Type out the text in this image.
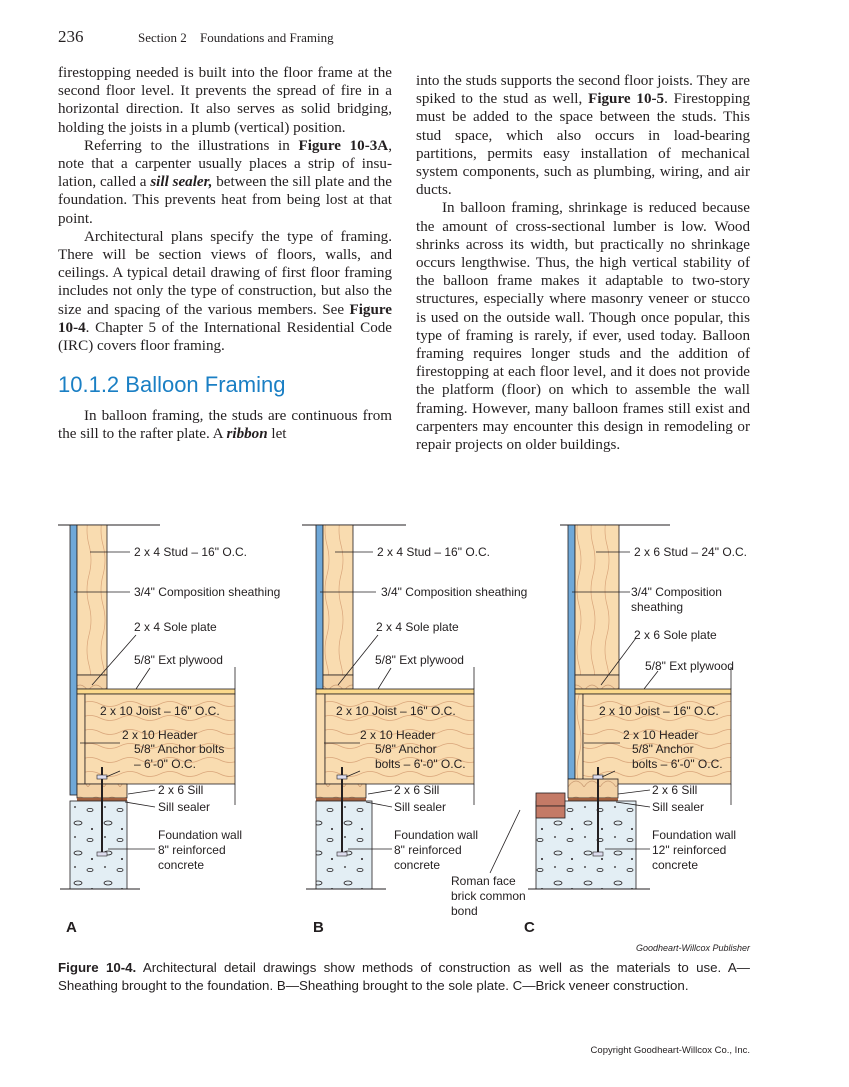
236	Section 2 Foundations and Framing

firestopping needed is built into the floor frame at the second floor level. It prevents the spread of fire in a horizontal direction. It also serves as solid bridging, holding the joists in a plumb (vertical) position.

Referring to the illustrations in Figure 10-3A, note that a carpenter usually places a strip of insulation, called a sill sealer, between the sill plate and the foundation. This prevents heat from being lost at that point.

Architectural plans specify the type of framing. There will be section views of floors, walls, and ceilings. A typical detail drawing of first floor framing includes not only the type of construction, but also the size and spacing of the various members. See Figure 10-4. Chapter 5 of the International Residential Code (IRC) covers floor framing.

10.1.2 Balloon Framing

In balloon framing, the studs are continuous from the sill to the rafter plate. A ribbon let

into the studs supports the second floor joists. They are spiked to the stud as well, Figure 10-5. Firestopping must be added to the space between the studs. This stud space, which also occurs in load-bearing partitions, permits easy installation of mechanical system components, such as plumbing, wiring, and air ducts.

In balloon framing, shrinkage is reduced because the amount of cross-sectional lumber is low. Wood shrinks across its width, but practically no shrinkage occurs lengthwise. Thus, the high vertical stability of the balloon frame makes it adaptable to two-story structures, especially where masonry veneer or stucco is used on the outside wall. Though once popular, this type of framing is rarely, if ever, used today. Balloon framing requires longer studs and the addition of firestopping at each floor level, and it does not provide the platform (floor) on which to assemble the wall framing. However, many balloon frames still exist and carpenters may encounter this design in remodeling or repair projects on older buildings.

2 x 4 Stud – 16" O.C.
3/4" Composition sheathing
2 x 4 Sole plate
5/8" Ext plywood
2 x 10 Joist – 16" O.C.
2 x 10 Header
5/8" Anchor bolts
– 6'-0" O.C.
2 x 6 Sill
Sill sealer
Foundation wall
8" reinforced
concrete
A
2 x 4 Stud – 16" O.C.
3/4" Composition sheathing
2 x 4 Sole plate
5/8" Ext plywood
2 x 10 Joist – 16" O.C.
2 x 10 Header
5/8" Anchor
bolts – 6'-0" O.C.
2 x 6 Sill
Sill sealer
Foundation wall
8" reinforced
concrete
Roman face
brick common
bond
B
2 x 6 Stud – 24" O.C.
3/4" Composition
sheathing
2 x 6 Sole plate
5/8" Ext plywood
2 x 10 Joist – 16" O.C.
2 x 10 Header
5/8" Anchor
bolts – 6'-0" O.C.
2 x 6 Sill
Sill sealer
Foundation wall
12" reinforced
concrete
C
Goodheart-Willcox Publisher
Figure 10-4. Architectural detail drawings show methods of construction as well as the materials to use. A—Sheathing brought to the foundation. B—Sheathing brought to the sole plate. C—Brick veneer construction.
Copyright Goodheart-Willcox Co., Inc.
